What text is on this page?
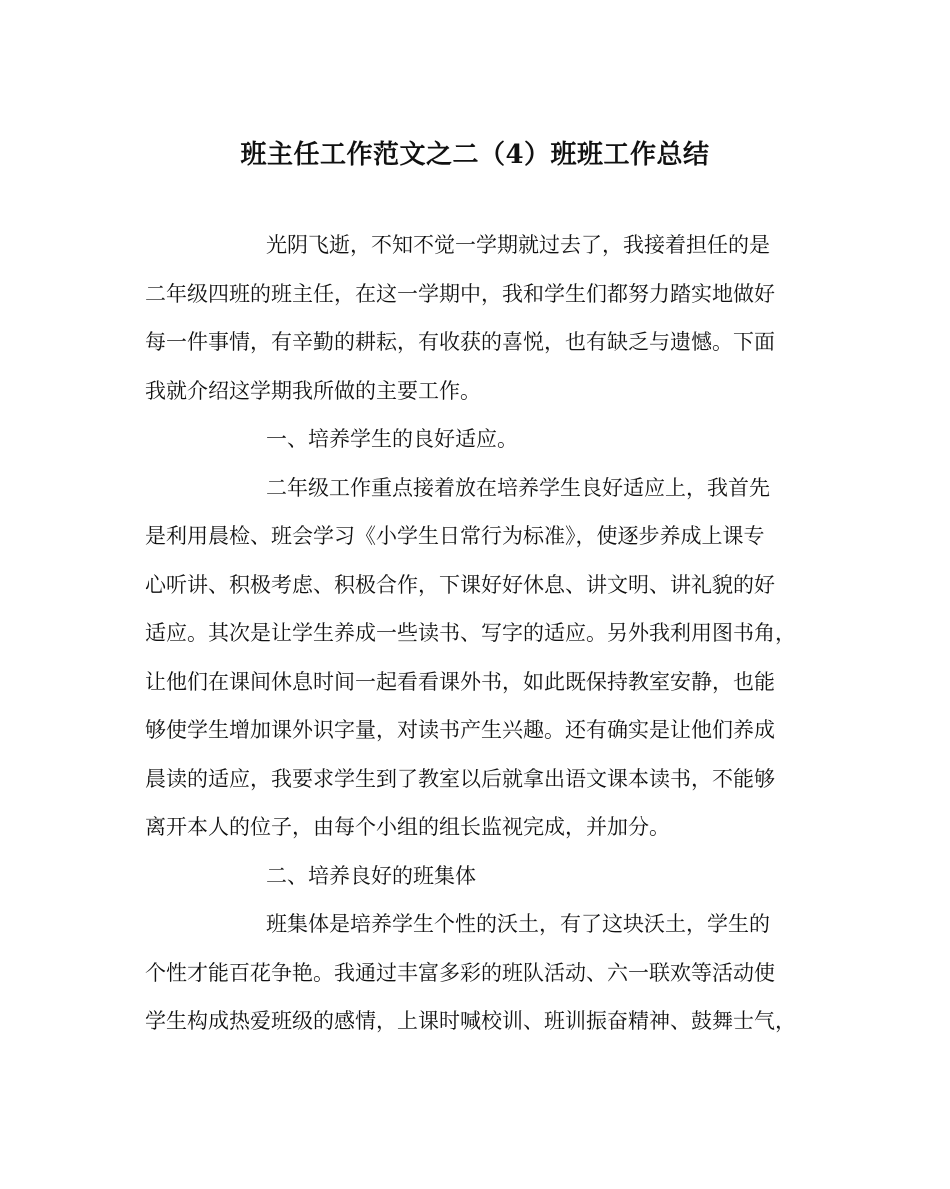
班主任工作范文之二（4）班班工作总结
光阴飞逝，不知不觉一学期就过去了，我接着担任的是
二年级四班的班主任，在这一学期中，我和学生们都努力踏实地做好
每一件事情，有辛勤的耕耘，有收获的喜悦，也有缺乏与遗憾。下面
我就介绍这学期我所做的主要工作。
一、培养学生的良好适应。
二年级工作重点接着放在培养学生良好适应上，我首先
是利用晨检、班会学习《小学生日常行为标准》，使逐步养成上课专
心听讲、积极考虑、积极合作，下课好好休息、讲文明、讲礼貌的好
适应。其次是让学生养成一些读书、写字的适应。另外我利用图书角，
让他们在课间休息时间一起看看课外书，如此既保持教室安静，也能
够使学生增加课外识字量，对读书产生兴趣。还有确实是让他们养成
晨读的适应，我要求学生到了教室以后就拿出语文课本读书，不能够
离开本人的位子，由每个小组的组长监视完成，并加分。
二、培养良好的班集体
班集体是培养学生个性的沃土，有了这块沃土，学生的
个性才能百花争艳。我通过丰富多彩的班队活动、六一联欢等活动使
学生构成热爱班级的感情，上课时喊校训、班训振奋精神、鼓舞士气，
